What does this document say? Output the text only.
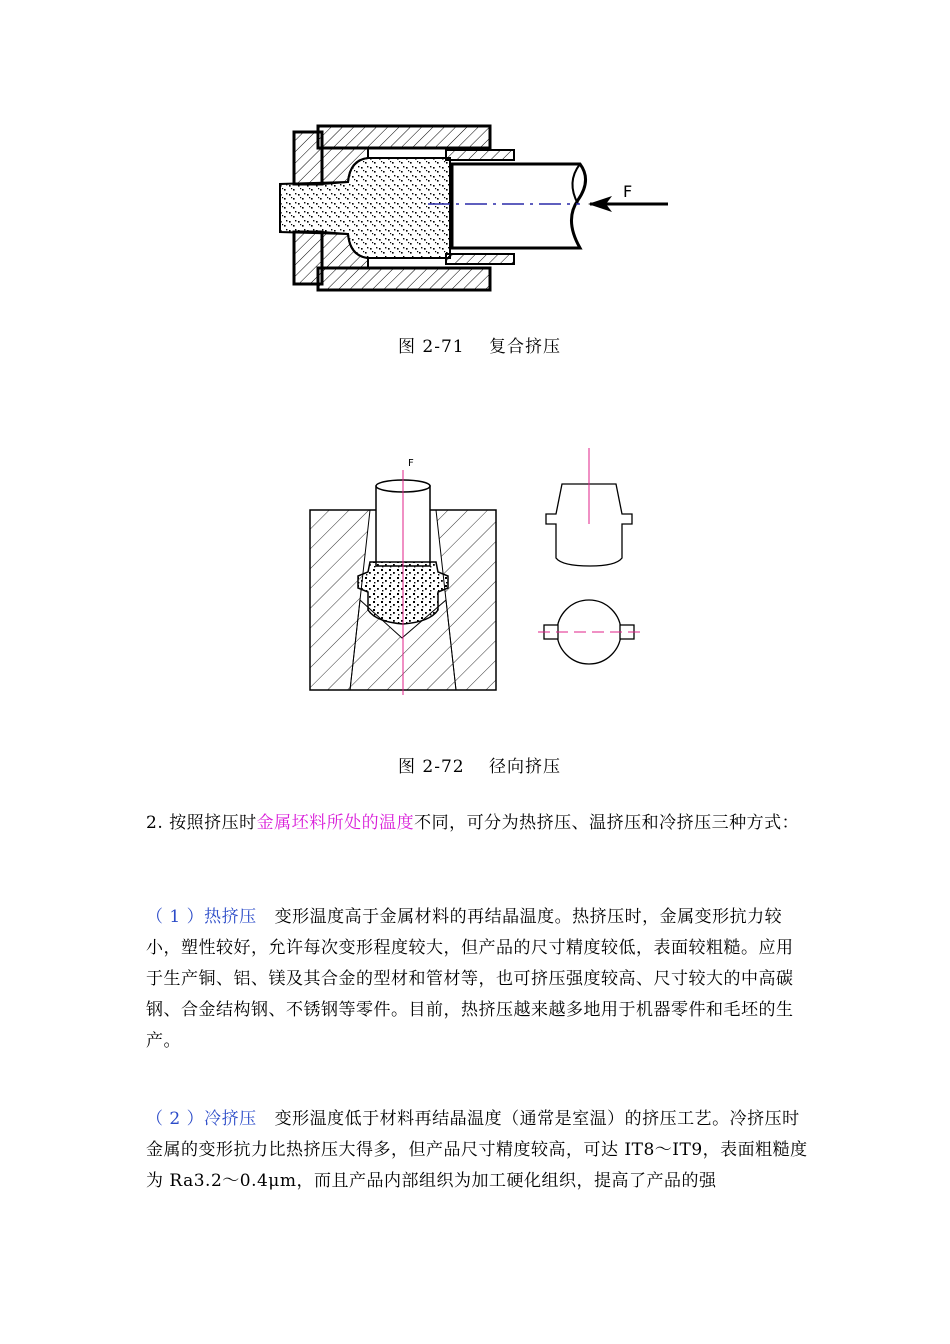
F
图 2-71　 复合挤压
F
图 2-72　 径向挤压
2. 按照挤压时金属坯料所处的温度不同，可分为热挤压、温挤压和冷挤压三种方式：
（ 1 ）热挤压 变形温度高于金属材料的再结晶温度。热挤压时，金属变形抗力较小，塑性较好，允许每次变形程度较大，但产品的尺寸精度较低，表面较粗糙。应用于生产铜、铝、镁及其合金的型材和管材等，也可挤压强度较高、尺寸较大的中高碳钢、合金结构钢、不锈钢等零件。目前，热挤压越来越多地用于机器零件和毛坯的生产。
（ 2 ）冷挤压 变形温度低于材料再结晶温度（通常是室温）的挤压工艺。冷挤压时金属的变形抗力比热挤压大得多，但产品尺寸精度较高，可达 IT8～IT9，表面粗糙度为 Ra3.2～0.4μm，而且产品内部组织为加工硬化组织，提高了产品的强
